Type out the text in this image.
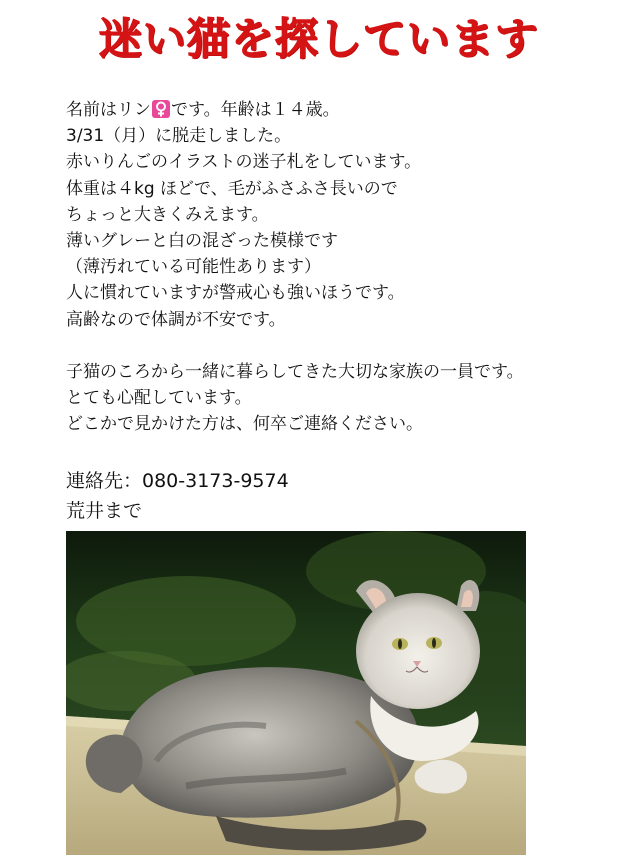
迷い猫を探しています
名前はリン です。年齢は１４歳。
3/31（月）に脱走しました。
赤いりんごのイラストの迷子札をしています。
体重は４kg ほどで、毛がふさふさ長いので
ちょっと大きくみえます。
薄いグレーと白の混ざった模様です
（薄汚れている可能性あります）
人に慣れていますが警戒心も強いほうです。
高齢なので体調が不安です。
子猫のころから一緒に暮らしてきた大切な家族の一員です。
とても心配しています。
どこかで見かけた方は、何卒ご連絡ください。
連絡先：080-3173-9574
荒井まで
